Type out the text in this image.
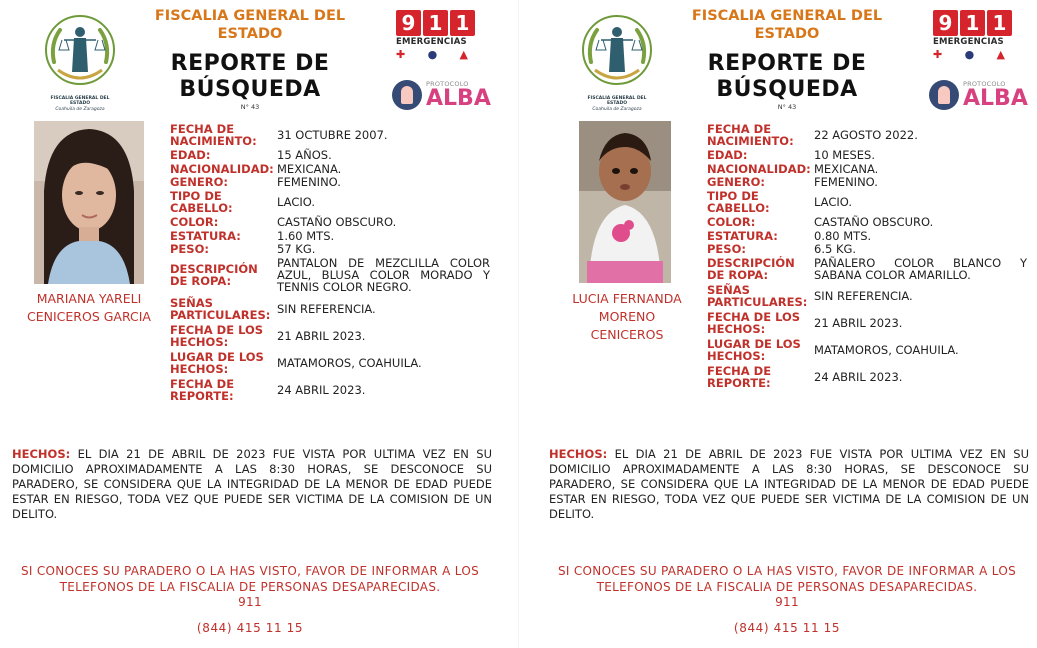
FISCALIA GENERAL DEL ESTADO
Coahuila de Zaragoza
FISCALIA GENERAL DEL ESTADO
REPORTE DE
BÚSQUEDA
N° 43
9 1 1
EMERGENCIAS
✚ ● ▲
PROTOCOLO
ALBA
MARIANA YARELI CENICEROS GARCIA
FECHA DE NACIMIENTO:	31 OCTUBRE 2007.
EDAD:	15 AÑOS.
NACIONALIDAD: MEXICANA.
GENERO:	FEMENINO.
TIPO DE CABELLO:	LACIO.
COLOR:	CASTAÑO OBSCURO.
ESTATURA:	1.60 MTS.
PESO:	57 KG.
DESCRIPCIÓN DE ROPA:
PANTALON DE MEZCLILLA COLOR AZUL, BLUSA COLOR MORADO Y TENNIS COLOR NEGRO.
SEÑAS PARTICULARES: SIN REFERENCIA.
FECHA DE LOS HECHOS:	21 ABRIL 2023.
LUGAR DE LOS HECHOS:	MATAMOROS, COAHUILA.
FECHA DE REPORTE:	24 ABRIL 2023.
HECHOS: EL DIA 21 DE ABRIL DE 2023 FUE VISTA POR ULTIMA VEZ EN SU DOMICILIO APROXIMADAMENTE A LAS 8:30 HORAS, SE DESCONOCE SU PARADERO, SE CONSIDERA QUE LA INTEGRIDAD DE LA MENOR DE EDAD PUEDE ESTAR EN RIESGO, TODA VEZ QUE PUEDE SER VICTIMA DE LA COMISION DE UN DELITO.
SI CONOCES SU PARADERO O LA HAS VISTO, FAVOR DE INFORMAR A LOS TELEFONOS DE LA FISCALIA DE PERSONAS DESAPARECIDAS.
911
(844) 415 11 15
FISCALIA GENERAL DEL ESTADO
Coahuila de Zaragoza
FISCALIA GENERAL DEL ESTADO
REPORTE DE
BÚSQUEDA
N° 43
9 1 1
EMERGENCIAS
✚ ● ▲
PROTOCOLO
ALBA
LUCIA FERNANDA MORENO CENICEROS
FECHA DE NACIMIENTO:	22 AGOSTO 2022.
EDAD:	10 MESES.
NACIONALIDAD: MEXICANA.
GENERO:	FEMENINO.
TIPO DE CABELLO:	LACIO.
COLOR:	CASTAÑO OBSCURO.
ESTATURA:	0.80 MTS.
PESO:	6.5 KG.
DESCRIPCIÓN DE ROPA:
PAÑALERO COLOR BLANCO Y SABANA COLOR AMARILLO.
SEÑAS PARTICULARES: SIN REFERENCIA.
FECHA DE LOS HECHOS:	21 ABRIL 2023.
LUGAR DE LOS HECHOS:	MATAMOROS, COAHUILA.
FECHA DE REPORTE:	24 ABRIL 2023.
HECHOS: EL DIA 21 DE ABRIL DE 2023 FUE VISTA POR ULTIMA VEZ EN SU DOMICILIO APROXIMADAMENTE A LAS 8:30 HORAS, SE DESCONOCE SU PARADERO, SE CONSIDERA QUE LA INTEGRIDAD DE LA MENOR DE EDAD PUEDE ESTAR EN RIESGO, TODA VEZ QUE PUEDE SER VICTIMA DE LA COMISION DE UN DELITO.
SI CONOCES SU PARADERO O LA HAS VISTO, FAVOR DE INFORMAR A LOS TELEFONOS DE LA FISCALIA DE PERSONAS DESAPARECIDAS.
911
(844) 415 11 15
